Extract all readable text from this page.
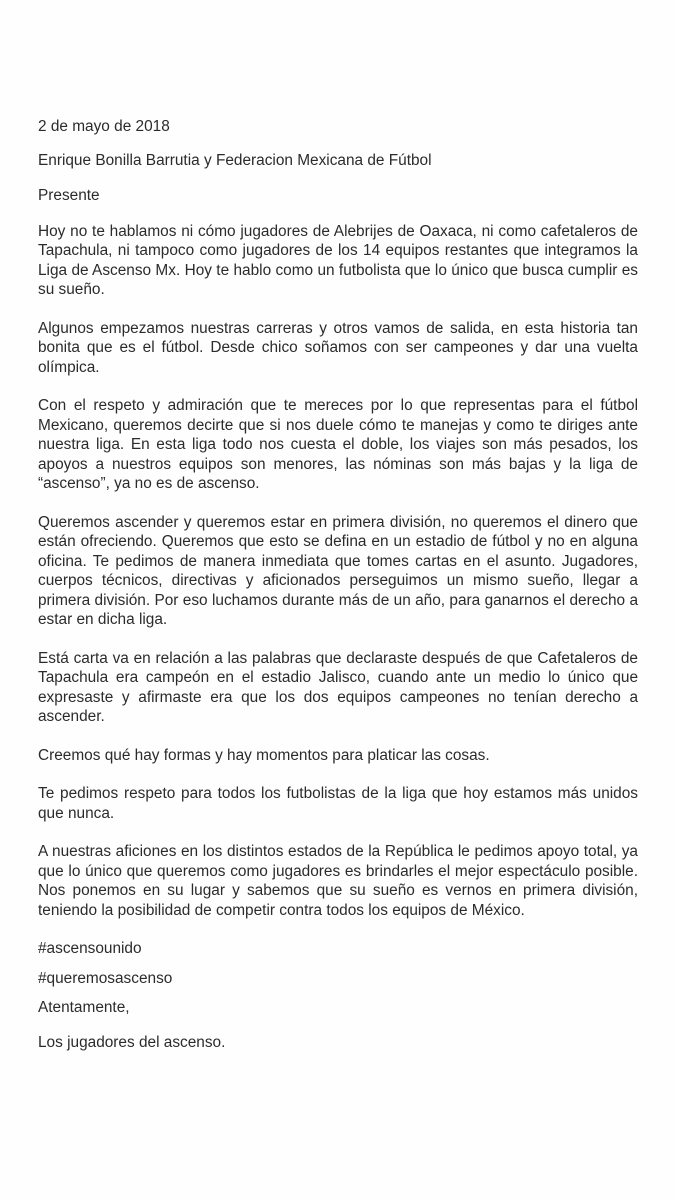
2 de mayo de 2018

Enrique Bonilla Barrutia y Federacion Mexicana de Fútbol

Presente

Hoy no te hablamos ni cómo jugadores de Alebrijes de Oaxaca, ni como cafetaleros de Tapachula, ni tampoco como jugadores de los 14 equipos restantes que integramos la Liga de Ascenso Mx. Hoy te hablo como un futbolista que lo único que busca cumplir es su sueño.

Algunos empezamos nuestras carreras y otros vamos de salida, en esta historia tan bonita que es el fútbol. Desde chico soñamos con ser campeones y dar una vuelta olímpica.

Con el respeto y admiración que te mereces por lo que representas para el fútbol Mexicano, queremos decirte que si nos duele cómo te manejas y como te diriges ante nuestra liga. En esta liga todo nos cuesta el doble, los viajes son más pesados, los apoyos a nuestros equipos son menores, las nóminas son más bajas y la liga de “ascenso”, ya no es de ascenso.

Queremos ascender y queremos estar en primera división, no queremos el dinero que están ofreciendo. Queremos que esto se defina en un estadio de fútbol y no en alguna oficina. Te pedimos de manera inmediata que tomes cartas en el asunto. Jugadores, cuerpos técnicos, directivas y aficionados perseguimos un mismo sueño, llegar a primera división. Por eso luchamos durante más de un año, para ganarnos el derecho a estar en dicha liga.

Está carta va en relación a las palabras que declaraste después de que Cafetaleros de Tapachula era campeón en el estadio Jalisco, cuando ante un medio lo único que expresaste y afirmaste era que los dos equipos campeones no tenían derecho a ascender.

Creemos qué hay formas y hay momentos para platicar las cosas.

Te pedimos respeto para todos los futbolistas de la liga que hoy estamos más unidos que nunca.

A nuestras aficiones en los distintos estados de la República le pedimos apoyo total, ya que lo único que queremos como jugadores es brindarles el mejor espectáculo posible. Nos ponemos en su lugar y sabemos que su sueño es vernos en primera división, teniendo la posibilidad de competir contra todos los equipos de México.

#ascensounido

#queremosascenso

Atentamente,

Los jugadores del ascenso.
